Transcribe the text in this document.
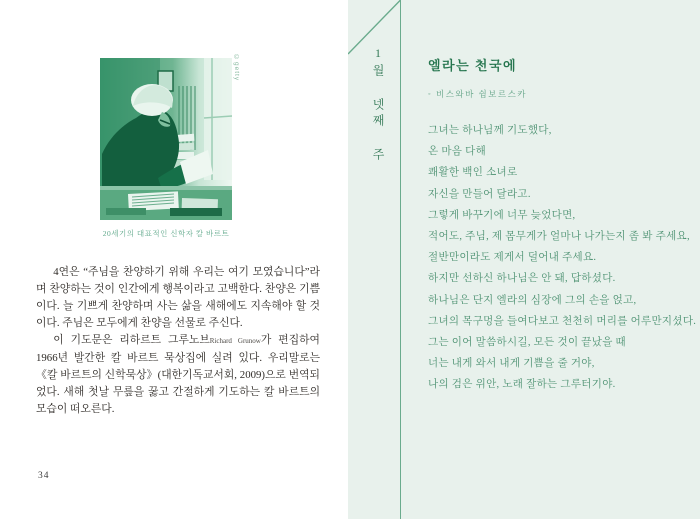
©getty
20세기의 대표적인 신학자 칼 바르트

4연은 “주님을 찬양하기 위해 우리는 여기 모였습니다”라며 찬양하는 것이 인간에게 행복이라고 고백한다. 찬양은 기쁨이다. 늘 기쁘게 찬양하며 사는 삶을 새해에도 지속해야 할 것이다. 주님은 모두에게 찬양을 선물로 주신다.

이 기도문은 리하르트 그루노브Richard Grunow가 편집하여 1966년 발간한 칼 바르트 묵상집에 실려 있다. 우리말로는 《칼 바르트의 신학묵상》(대한기독교서회, 2009)으로 번역되었다. 새해 첫날 무릎을 꿇고 간절하게 기도하는 칼 바르트의 모습이 떠오른다.

34
1월 넷째 주	엘라는 천국에
◦ 비스와바 쉼보르스카
그녀는 하나님께 기도했다,
온 마음 다해
쾌활한 백인 소녀로
자신을 만들어 달라고.
그렇게 바꾸기에 너무 늦었다면,
적어도, 주님, 제 몸무게가 얼마나 나가는지 좀 봐 주세요,
절반만이라도 제게서 덜어내 주세요.
하지만 선하신 하나님은 안 돼, 답하셨다.
하나님은 단지 엘라의 심장에 그의 손을 얹고,
그녀의 목구멍을 들여다보고 천천히 머리를 어루만지셨다.
그는 이어 말씀하시길, 모든 것이 끝났을 때
너는 내게 와서 내게 기쁨을 줄 거야,
나의 검은 위안, 노래 잘하는 그루터기야.
